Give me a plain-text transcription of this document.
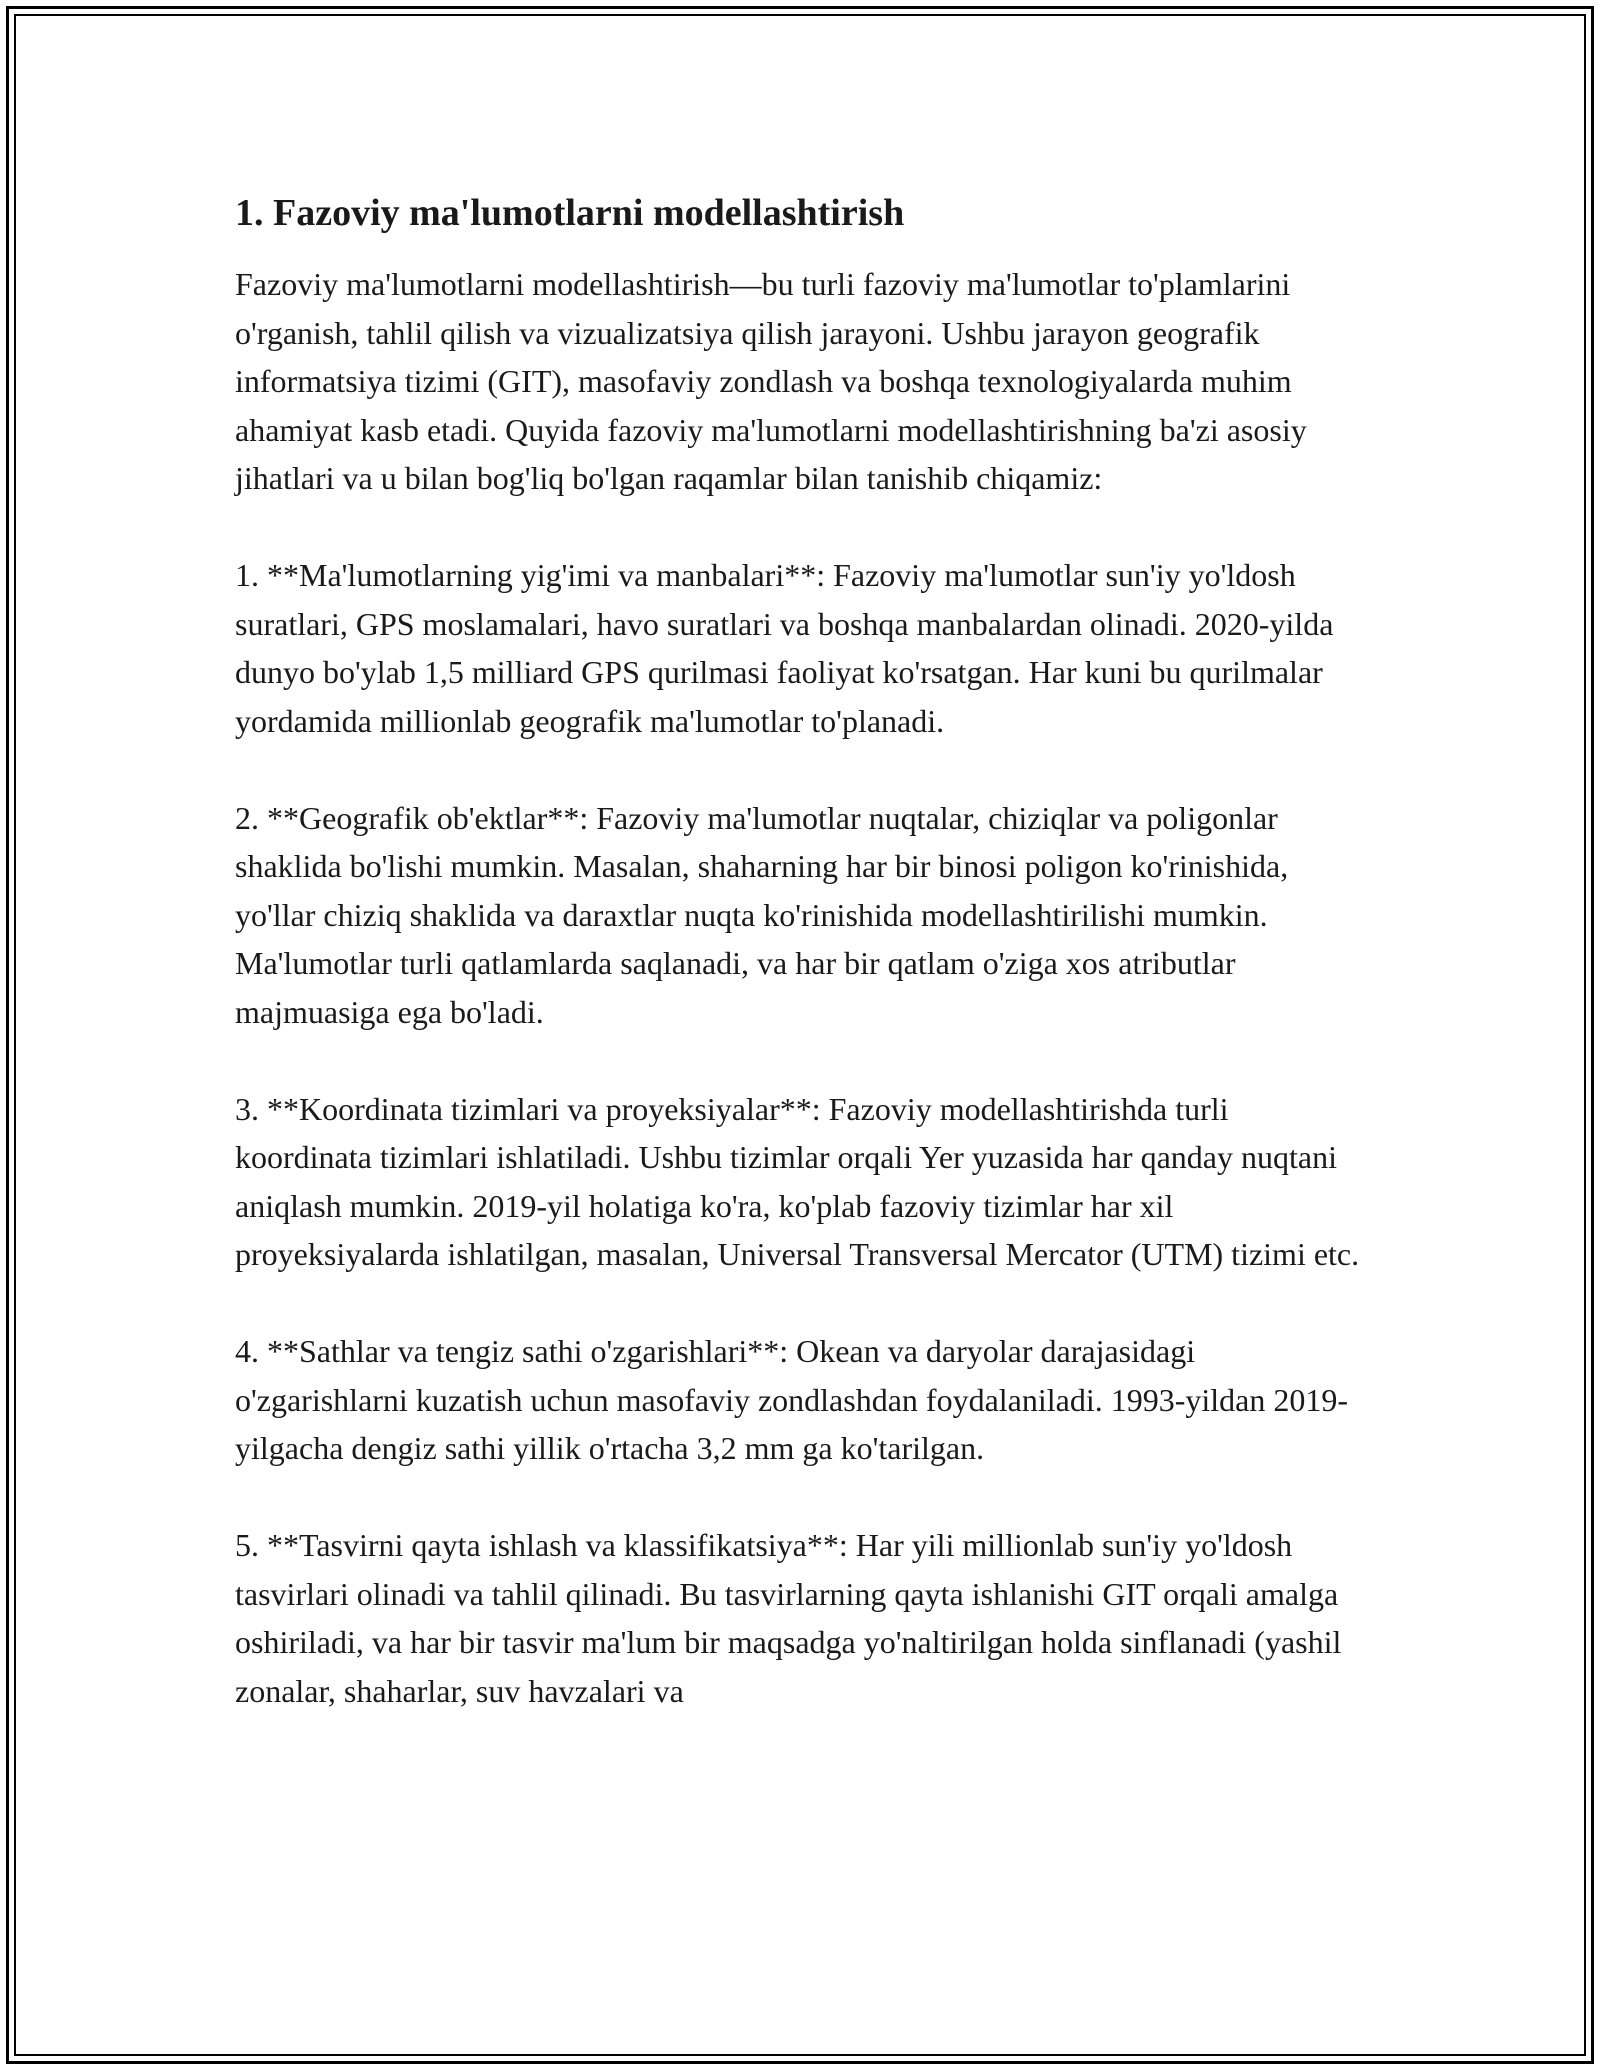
1. Fazoviy ma'lumotlarni modellashtirish

Fazoviy ma'lumotlarni modellashtirish—bu turli fazoviy ma'lumotlar to'plamlarini o'rganish, tahlil qilish va vizualizatsiya qilish jarayoni. Ushbu jarayon geografik informatsiya tizimi (GIT), masofaviy zondlash va boshqa texnologiyalarda muhim ahamiyat kasb etadi. Quyida fazoviy ma'lumotlarni modellashtirishning ba'zi asosiy jihatlari va u bilan bog'liq bo'lgan raqamlar bilan tanishib chiqamiz:

1. **Ma'lumotlarning yig'imi va manbalari**: Fazoviy ma'lumotlar sun'iy yo'ldosh suratlari, GPS moslamalari, havo suratlari va boshqa manbalardan olinadi. 2020-yilda dunyo bo'ylab 1,5 milliard GPS qurilmasi faoliyat ko'rsatgan. Har kuni bu qurilmalar yordamida millionlab geografik ma'lumotlar to'planadi.

2. **Geografik ob'ektlar**: Fazoviy ma'lumotlar nuqtalar, chiziqlar va poligonlar shaklida bo'lishi mumkin. Masalan, shaharning har bir binosi poligon ko'rinishida, yo'llar chiziq shaklida va daraxtlar nuqta ko'rinishida modellashtirilishi mumkin. Ma'lumotlar turli qatlamlarda saqlanadi, va har bir qatlam o'ziga xos atributlar majmuasiga ega bo'ladi.

3. **Koordinata tizimlari va proyeksiyalar**: Fazoviy modellashtirishda turli koordinata tizimlari ishlatiladi. Ushbu tizimlar orqali Yer yuzasida har qanday nuqtani aniqlash mumkin. 2019-yil holatiga ko'ra, ko'plab fazoviy tizimlar har xil proyeksiyalarda ishlatilgan, masalan, Universal Transversal Mercator (UTM) tizimi etc.

4. **Sathlar va tengiz sathi o'zgarishlari**: Okean va daryolar darajasidagi o'zgarishlarni kuzatish uchun masofaviy zondlashdan foydalaniladi. 1993-yildan 2019-yilgacha dengiz sathi yillik o'rtacha 3,2 mm ga ko'tarilgan.

5. **Tasvirni qayta ishlash va klassifikatsiya**: Har yili millionlab sun'iy yo'ldosh tasvirlari olinadi va tahlil qilinadi. Bu tasvirlarning qayta ishlanishi GIT orqali amalga oshiriladi, va har bir tasvir ma'lum bir maqsadga yo'naltirilgan holda sinflanadi (yashil zonalar, shaharlar, suv havzalari va
